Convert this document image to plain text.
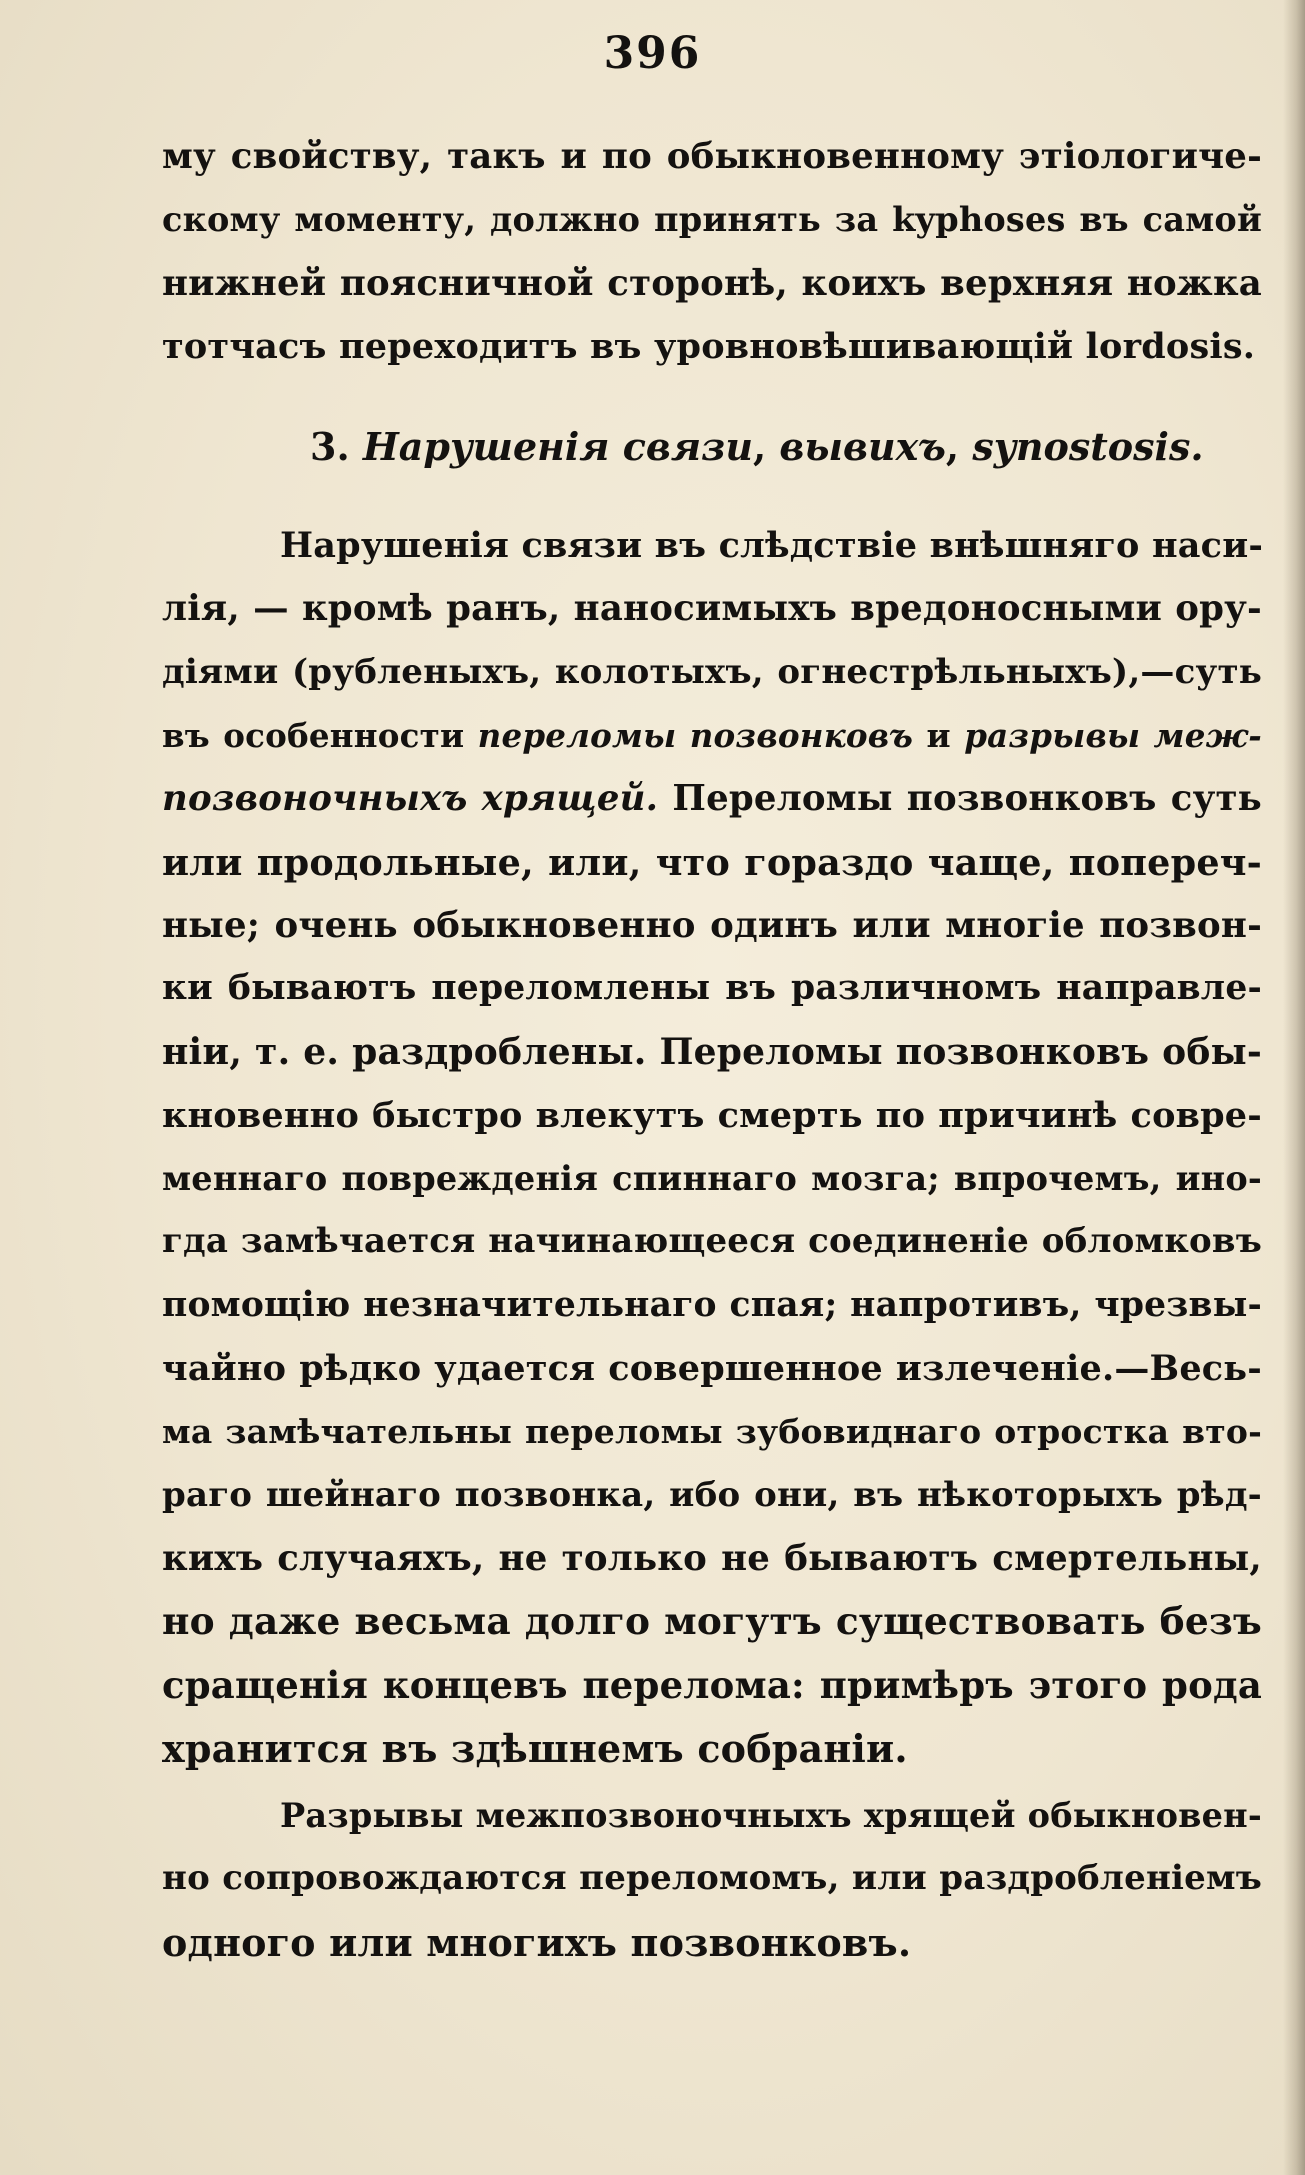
396
му свойству, такъ и по обыкновенному этіологиче-
скому моменту, должно принять за kyphoses въ самой
нижней поясничной сторонѣ, коихъ верхняя ножка
тотчасъ переходитъ въ уровновѣшивающій lordosis.
3. Нарушенія связи, вывихъ, synostosis.
Нарушенія связи въ слѣдствіе внѣшняго наси-
лія, — кромѣ ранъ, наносимыхъ вредоносными ору-
діями (рубленыхъ, колотыхъ, огнестрѣльныхъ),—суть
въ особенности переломы позвонковъ и разрывы меж-
позвоночныхъ хрящей. Переломы позвонковъ суть
или продольные, или, что гораздо чаще, попереч-
ные; очень обыкновенно одинъ или многіе позвон-
ки бываютъ переломлены въ различномъ направле-
ніи, т. е. раздроблены. Переломы позвонковъ обы-
кновенно быстро влекутъ смерть по причинѣ совре-
меннаго поврежденія спиннаго мозга; впрочемъ, ино-
гда замѣчается начинающееся соединеніе обломковъ
помощію незначительнаго спая; напротивъ, чрезвы-
чайно рѣдко удается совершенное излеченіе.—Весь-
ма замѣчательны переломы зубовиднаго отростка вто-
раго шейнаго позвонка, ибо они, въ нѣкоторыхъ рѣд-
кихъ случаяхъ, не только не бываютъ смертельны,
но даже весьма долго могутъ существовать безъ
сращенія концевъ перелома: примѣръ этого рода
хранится въ здѣшнемъ собраніи.
Разрывы межпозвоночныхъ хрящей обыкновен-
но сопровождаются переломомъ, или раздробленіемъ
одного или многихъ позвонковъ.
